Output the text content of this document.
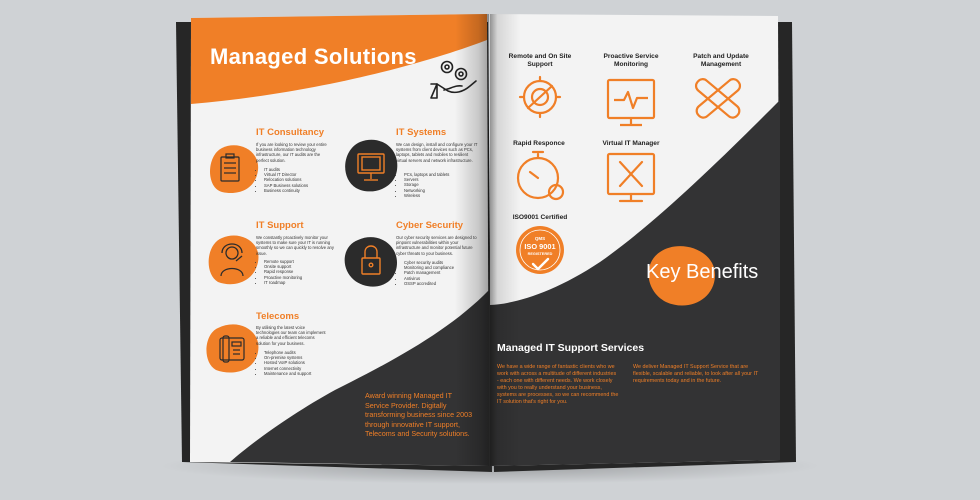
Managed Solutions
IT Consultancy
If you are looking to review your entire business information technology infrastructure, our IT audits are the perfect solution.
• IT audits
• Virtual IT Director
• Relocation solutions
• SAP Business solutions
• Business continuity
IT Systems
We can design, install and configure your IT systems from client devices such as PCs, laptops, tablets and mobiles to resilient virtual servers and network infrastructure.
• PCs, laptops and tablets
• Servers
• Storage
• Networking
• Wireless
IT Support
We constantly proactively monitor your systems to make sure your IT is running smoothly so we can quickly to resolve any issue.
• Remote support
• Onsite support
• Rapid response
• Proactive monitoring
• IT roadmap
Cyber Security
Our cyber security services are designed to pinpoint vulnerabilities within your infrastructure and monitor potential future cyber threats to your business.
• Cyber security audits
• Monitoring and compliance
• Patch management
• Antivirus
• OSSP accredited
Telecoms
By utilising the latest voice technologies our team can implement a reliable and efficient telecoms solution for your business.
• Telephone audits
• On-premise systems
• Hosted VoIP solutions
• Internet connectivity
• Maintenance and support
Award winning Managed IT Service Provider. Digitally transforming business since 2003 through innovative IT support, Telecoms and Security solutions.
Remote and On Site Support
Proactive Service Monitoring
Patch and Update Management
Rapid Responce	Virtual IT Manager
ISO9001 Certified
QMS
ISO 9001
REGISTERED
Key Benefits
Managed IT Support Services
We have a wide range of fantastic clients who we work with across a multitude of different industries - each one with different needs. We work closely with you to really understand your business, systems are processes, so we can recommend the IT solution that's right for you.
We deliver Managed IT Support Service that are flexible, scalable and reliable, to look after all your IT requirements today and in the future.
